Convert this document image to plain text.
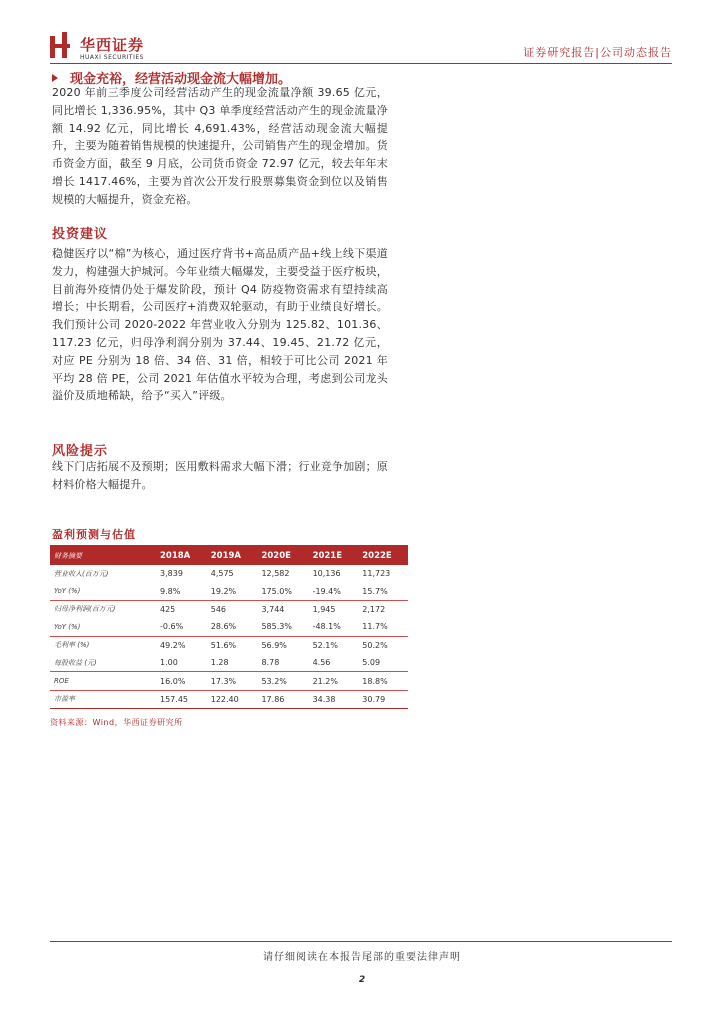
华西证券
HUAXI SECURITIES	证券研究报告|公司动态报告
现金充裕，经营活动现金流大幅增加。
2020 年前三季度公司经营活动产生的现金流量净额 39.65 亿元，同比增长 1,336.95%，其中 Q3 单季度经营活动产生的现金流量净额 14.92 亿元，同比增长 4,691.43%，经营活动现金流大幅提升，主要为随着销售规模的快速提升，公司销售产生的现金增加。货币资金方面，截至 9 月底，公司货币资金 72.97 亿元，较去年年末增长 1417.46%，主要为首次公开发行股票募集资金到位以及销售规模的大幅提升，资金充裕。
投资建议
稳健医疗以“棉”为核心，通过医疗背书+高品质产品+线上线下渠道发力，构建强大护城河。今年业绩大幅爆发，主要受益于医疗板块，目前海外疫情仍处于爆发阶段，预计 Q4 防疫物资需求有望持续高增长；中长期看，公司医疗+消费双轮驱动，有助于业绩良好增长。我们预计公司 2020-2022 年营业收入分别为 125.82、101.36、117.23 亿元，归母净利润分别为 37.44、19.45、21.72 亿元，对应 PE 分别为 18 倍、34 倍、31 倍，相较于可比公司 2021 年平均 28 倍 PE，公司 2021 年估值水平较为合理，考虑到公司龙头溢价及质地稀缺，给予“买入”评级。
风险提示
线下门店拓展不及预期；医用敷料需求大幅下滑；行业竞争加剧；原材料价格大幅提升。
盈利预测与估值
财务摘要	2018A	2019A	2020E	2021E	2022E
营业收入(百万元)	3,839	4,575	12,582	10,136	11,723
YoY (%)	9.8%	19.2%	175.0%	-19.4%	15.7%
归母净利润(百万元)	425	546	3,744	1,945	2,172
YoY (%)	-0.6%	28.6%	585.3%	-48.1%	11.7%
毛利率 (%)	49.2%	51.6%	56.9%	52.1%	50.2%
每股收益 (元)	1.00	1.28	8.78	4.56	5.09
ROE	16.0%	17.3%	53.2%	21.2%	18.8%
市盈率	157.45	122.40	17.86	34.38	30.79
资料来源：Wind，华西证券研究所
请仔细阅读在本报告尾部的重要法律声明
2
